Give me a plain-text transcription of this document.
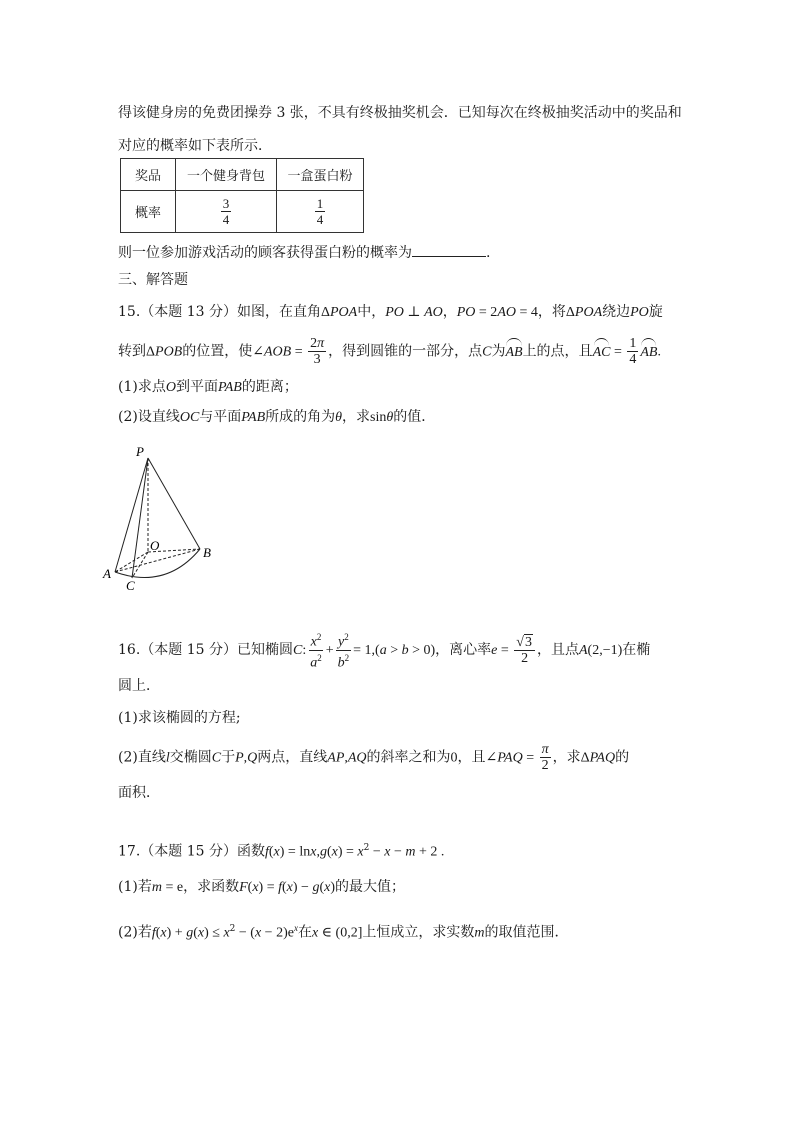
得该健身房的免费团操券 3 张，不具有终极抽奖机会．已知每次在终极抽奖活动中的奖品和
对应的概率如下表所示．
奖品	一个健身背包	一盒蛋白粉
概率	$\frac{3}{4}$	$\frac{1}{4}$
则一位参加游戏活动的顾客获得蛋白粉的概率为	.
三、解答题
15.（本题 13 分）如图，在直角ΔPOA中，PO ⊥ AO，PO = 2AO = 4，将ΔPOA绕边PO旋
转到ΔPOB的位置，使∠AOB = $\frac{2\pi}{3}$ ，得到圆锥的一部分，点C为AB上的点，且AC = $\frac{1}{4}$ AB.
(1)求点O到平面PAB的距离；
(2)设直线OC与平面PAB所成的角为θ，求sinθ的值．
P
O	B
A
C
16.（本题 15 分）已知椭圆C: $\frac{x^2}{a^2} + \frac{y^2}{b^2} = 1,(a > b > 0)$，离心率$e = \frac{√3}{2}$ ，且点A(2,−1)在椭
圆上．
(1)求该椭圆的方程;
(2)直线l交椭圆C于P,Q两点，直线AP,AQ的斜率之和为0，且∠PAQ = $\frac{\pi}{2}$ ，求ΔPAQ的
面积．
17.（本题 15 分）函数$f(x) = \ln x,g(x) = x^2 - x - m + 2$ .
(1)若m = e，求函数F(x) = f(x) − g(x)的最大值；
(2)若$f(x) + g(x) \le x^2 - (x - 2)e^x$在x ∈ (0,2]上恒成立，求实数m的取值范围．
